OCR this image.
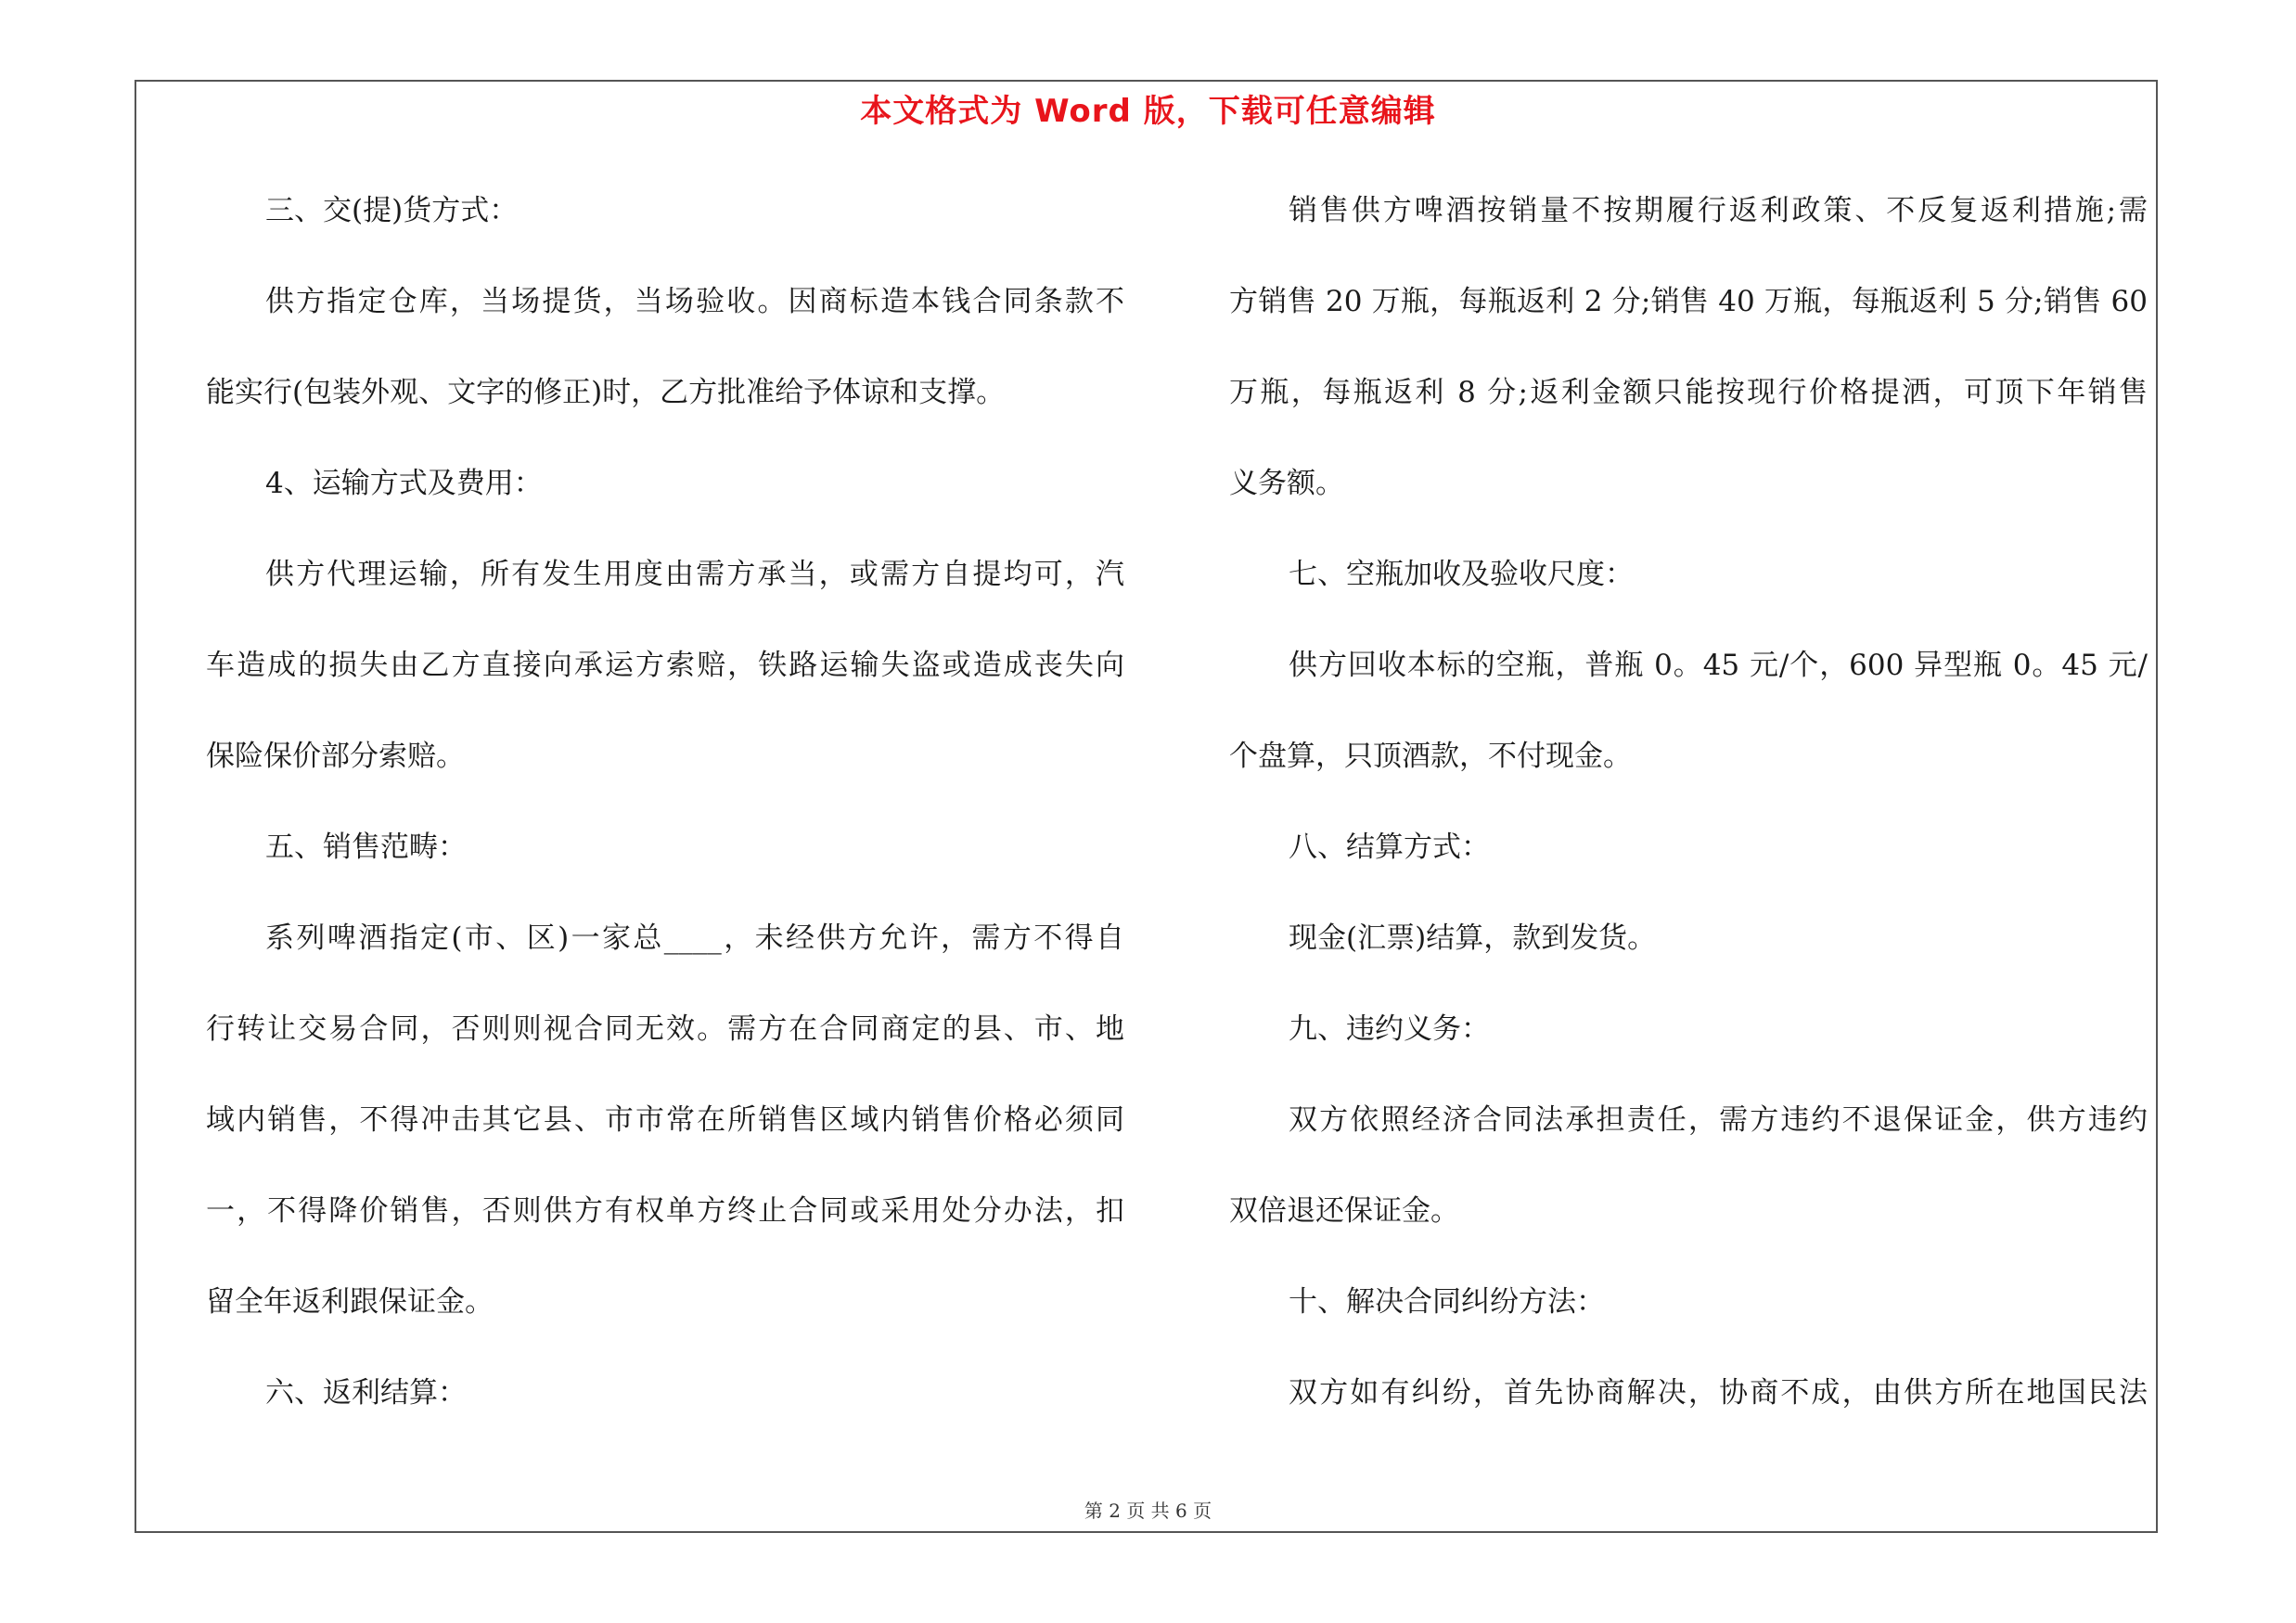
本文格式为 Word 版，下载可任意编辑
三、交(提)货方式：
供方指定仓库，当场提货，当场验收。因商标造本钱合同条款不
能实行(包装外观、文字的修正)时，乙方批准给予体谅和支撑。
4、运输方式及费用：
供方代理运输，所有发生用度由需方承当，或需方自提均可，汽
车造成的损失由乙方直接向承运方索赔，铁路运输失盗或造成丧失向
保险保价部分索赔。
五、销售范畴：
系列啤酒指定(市、区)一家总____，未经供方允许，需方不得自
行转让交易合同，否则则视合同无效。需方在合同商定的县、市、地
域内销售，不得冲击其它县、市市常在所销售区域内销售价格必须同
一，不得降价销售，否则供方有权单方终止合同或采用处分办法，扣
留全年返利跟保证金。
六、返利结算：
销售供方啤酒按销量不按期履行返利政策、不反复返利措施;需
方销售 20 万瓶，每瓶返利 2 分;销售 40 万瓶，每瓶返利 5 分;销售 60
万瓶，每瓶返利 8 分;返利金额只能按现行价格提洒，可顶下年销售
义务额。
七、空瓶加收及验收尺度：
供方回收本标的空瓶，普瓶 0。45 元/个，600 异型瓶 0。45 元/
个盘算，只顶酒款，不付现金。
八、结算方式：
现金(汇票)结算，款到发货。
九、违约义务：
双方依照经济合同法承担责任，需方违约不退保证金，供方违约
双倍退还保证金。
十、解决合同纠纷方法：
双方如有纠纷，首先协商解决，协商不成，由供方所在地国民法
第 2 页 共 6 页
